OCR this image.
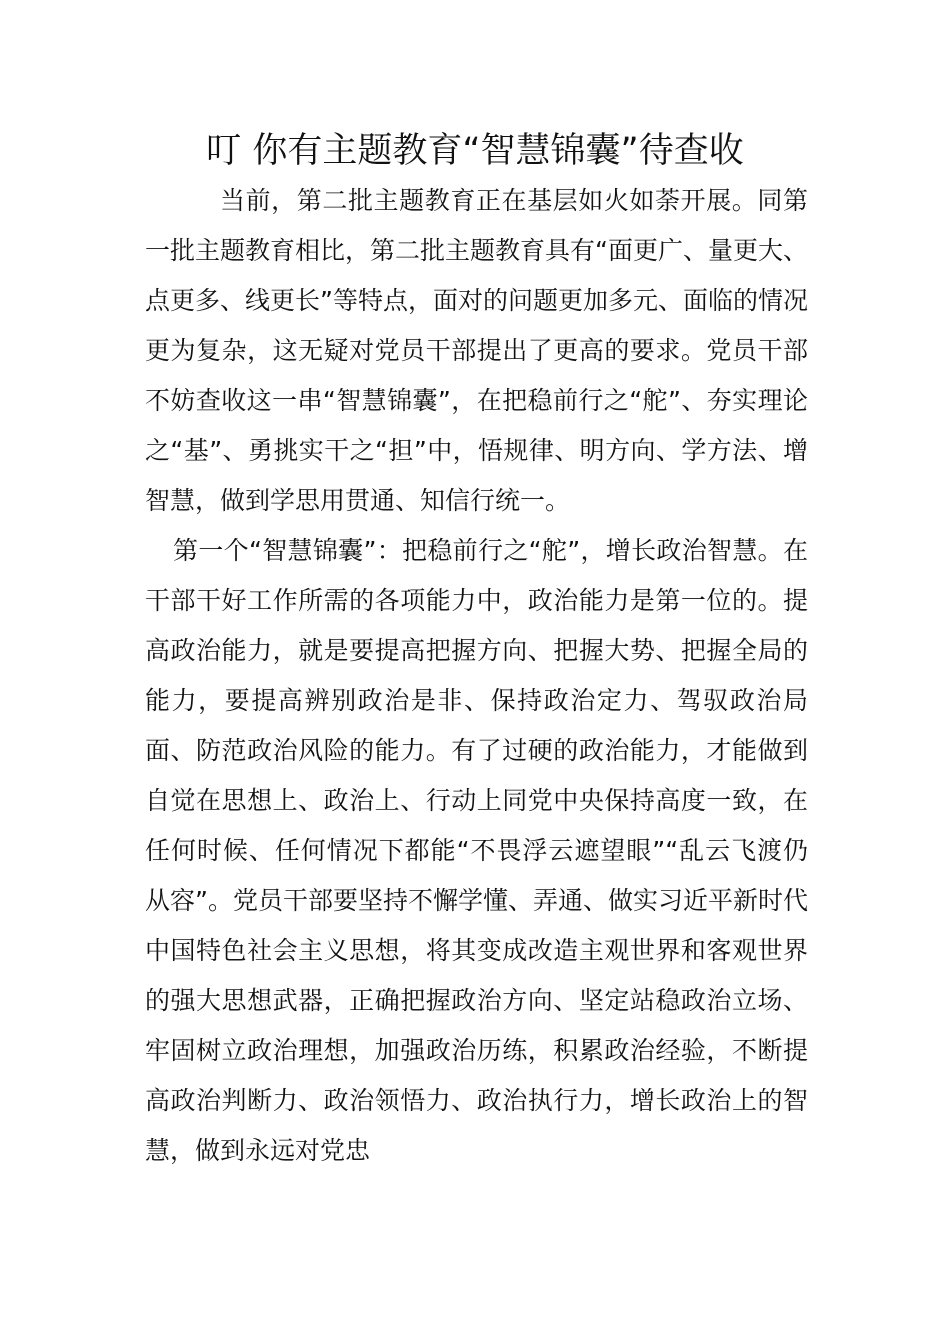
叮 你有主题教育“智慧锦囊”待查收

当前，第二批主题教育正在基层如火如荼开展。同第一批主题教育相比，第二批主题教育具有“面更广、量更大、点更多、线更长”等特点，面对的问题更加多元、面临的情况更为复杂，这无疑对党员干部提出了更高的要求。党员干部不妨查收这一串“智慧锦囊”，在把稳前行之“舵”、夯实理论之“基”、勇挑实干之“担”中，悟规律、明方向、学方法、增智慧，做到学思用贯通、知信行统一。

第一个“智慧锦囊”：把稳前行之“舵”，增长政治智慧。在干部干好工作所需的各项能力中，政治能力是第一位的。提高政治能力，就是要提高把握方向、把握大势、把握全局的能力，要提高辨别政治是非、保持政治定力、驾驭政治局面、防范政治风险的能力。有了过硬的政治能力，才能做到自觉在思想上、政治上、行动上同党中央保持高度一致，在任何时候、任何情况下都能“不畏浮云遮望眼”“乱云飞渡仍从容”。党员干部要坚持不懈学懂、弄通、做实习近平新时代中国特色社会主义思想，将其变成改造主观世界和客观世界的强大思想武器，正确把握政治方向、坚定站稳政治立场、牢固树立政治理想，加强政治历练，积累政治经验，不断提高政治判断力、政治领悟力、政治执行力，增长政治上的智慧，做到永远对党忠
